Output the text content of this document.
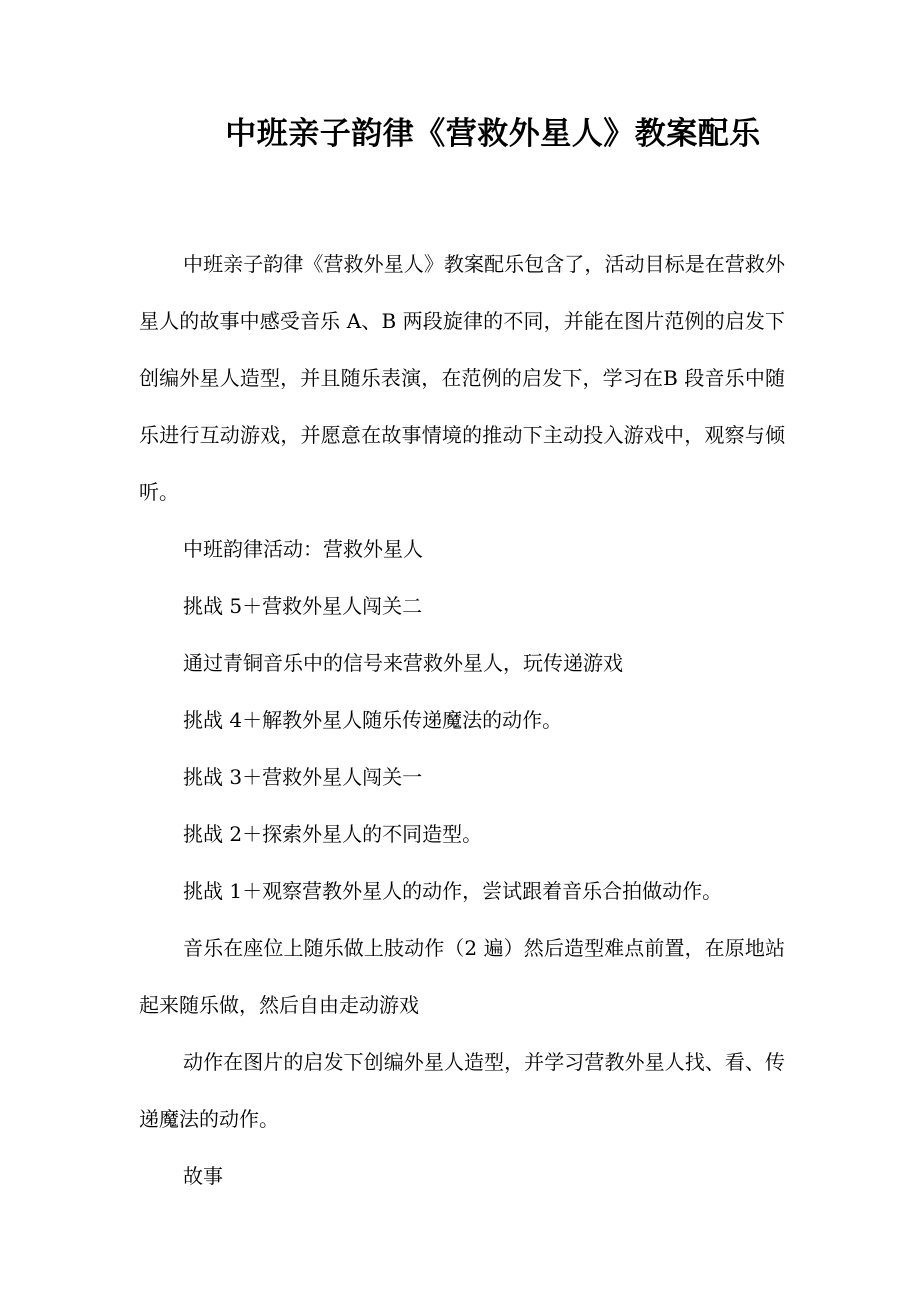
中班亲子韵律《营救外星人》教案配乐

中班亲子韵律《营救外星人》教案配乐包含了，活动目标是在营救外星人的故事中感受音乐 A、B 两段旋律的不同，并能在图片范例的启发下创编外星人造型，并且随乐表演，在范例的启发下，学习在B 段音乐中随乐进行互动游戏，并愿意在故事情境的推动下主动投入游戏中，观察与倾听。

中班韵律活动：营救外星人

挑战 5＋营救外星人闯关二

通过青铜音乐中的信号来营救外星人，玩传递游戏

挑战 4＋解教外星人随乐传递魔法的动作。

挑战 3＋营救外星人闯关一

挑战 2＋探索外星人的不同造型。

挑战 1＋观察营教外星人的动作，尝试跟着音乐合拍做动作。

音乐在座位上随乐做上肢动作（2 遍）然后造型难点前置，在原地站起来随乐做，然后自由走动游戏

动作在图片的启发下创编外星人造型，并学习营教外星人找、看、传递魔法的动作。

故事
